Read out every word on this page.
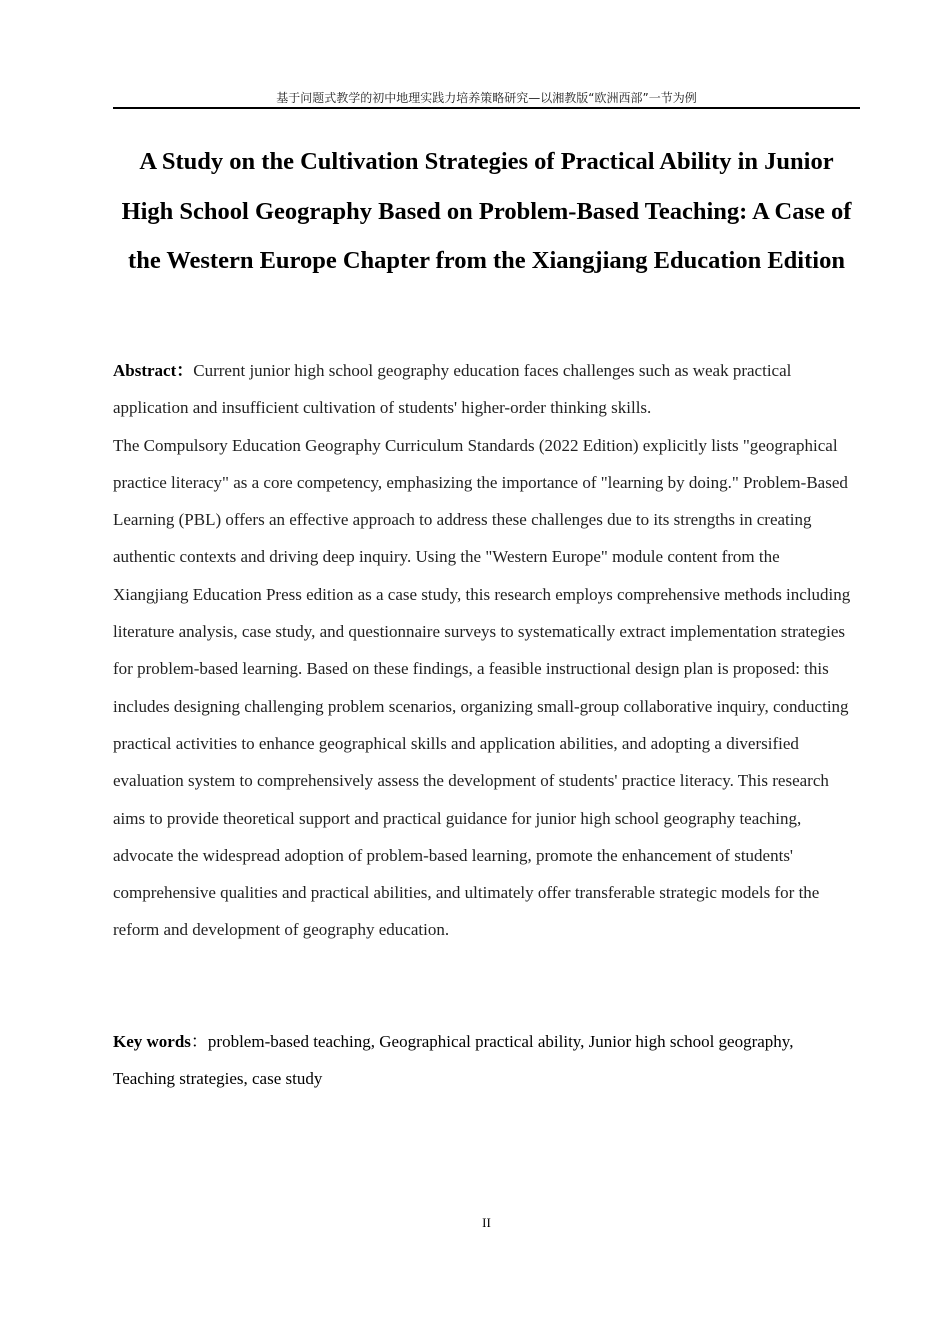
基于问题式教学的初中地理实践力培养策略研究—以湘教版“欧洲西部”一节为例
A Study on the Cultivation Strategies of Practical Ability in Junior High School Geography Based on Problem-Based Teaching: A Case of the Western Europe Chapter from the Xiangjiang Education Edition

Abstract：Current junior high school geography education faces challenges such as weak practical application and insufficient cultivation of students' higher-order thinking skills.
The Compulsory Education Geography Curriculum Standards (2022 Edition) explicitly lists "geographical practice literacy" as a core competency, emphasizing the importance of "learning by doing." Problem-Based Learning (PBL) offers an effective approach to address these challenges due to its strengths in creating authentic contexts and driving deep inquiry. Using the "Western Europe" module content from the Xiangjiang Education Press edition as a case study, this research employs comprehensive methods including literature analysis, case study, and questionnaire surveys to systematically extract implementation strategies for problem-based learning. Based on these findings, a feasible instructional design plan is proposed: this includes designing challenging problem scenarios, organizing small-group collaborative inquiry, conducting practical activities to enhance geographical skills and application abilities, and adopting a diversified evaluation system to comprehensively assess the development of students' practice literacy. This research aims to provide theoretical support and practical guidance for junior high school geography teaching, advocate the widespread adoption of problem-based learning, promote the enhancement of students' comprehensive qualities and practical abilities, and ultimately offer transferable strategic models for the reform and development of geography education.

Key words：problem-based teaching, Geographical practical ability, Junior high school geography, Teaching strategies, case study

II
